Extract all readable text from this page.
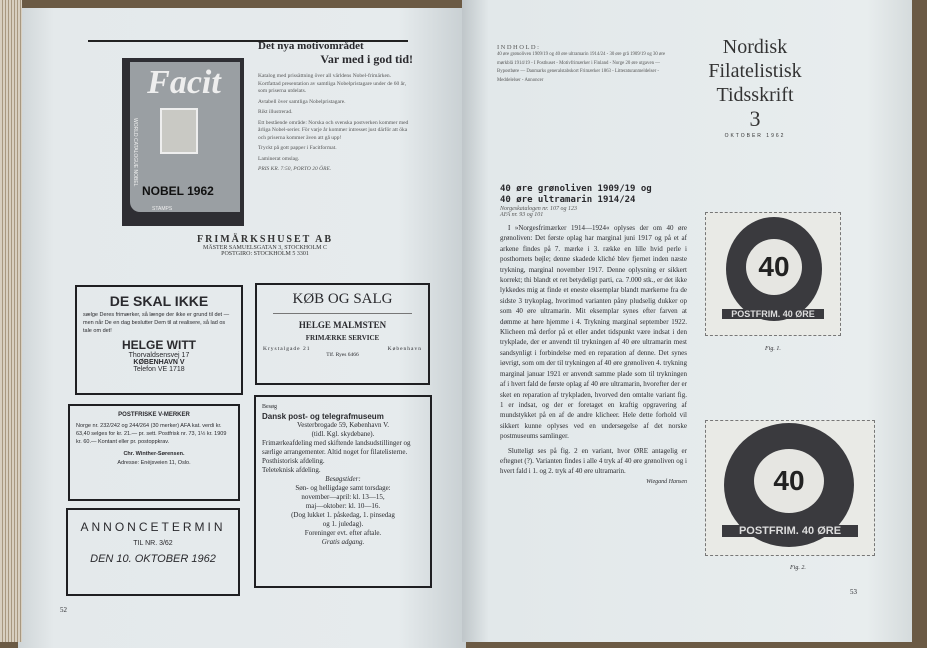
Facit
NOBEL 1962
WORLD CATALOGUE NOBEL
STAMPS
Det nya motivområdet
Var med i god tid!

Katalog med prissättning över all världens Nobel-frimärken. Kortfattad presentation av samtliga Nobelpristagare under de 60 år, som priserna utdelats.

Avtabell över samtliga Nobelpristagare.

Rikt illustrerad.

Ett bestående område: Norska och svenska postverken kommer med årliga Nobel-serier. För varje år kommer intresset just därför att öka och priserna kommer även att gå upp!

Tryckt på gott papper i Facitformat.

Laminerat omslag.

PRIS KR. 7:50, PORTO 20 ÖRE.

FRIMÄRKSHUSET AB
MÄSTER SAMUELSGATAN 3, STOCKHOLM C
POSTGIRO: STOCKHOLM 5 3301
DE SKAL IKKE
sælge Deres frimærker, så længe der ikke er grund til det — men når De en dag beslutter Dem til at realisere, så lad os tale om det!
HELGE WITT
Thorvaldsensvej 17
KØBENHAVN V
Telefon VE 1718
POSTFRISKE V-MERKER
Norge nr. 232/242 og 244/264 (30 merker) AFA kat. verdi kr. 63,40 selges for kr. 21.— pr. sett. Postfrisk nr. 73, 1½ kr. 1909 kr. 60.— Kontant eller pr. postoppkrav.
Chr. Winther-Sørensen.
Adresse: Enèjsveien 11, Oslo.
ANNONCETERMIN
TIL NR. 3/62
DEN 10. OKTOBER 1962
KØB OG SALG
HELGE MALMSTEN
FRIMÆRKE SERVICE
Krystalgade 21	København
Tlf. Ryes 6466
Besøg
Dansk post- og telegrafmuseum
Vesterbrogade 59, København V.
(tidl. Kgl. skydebane).
Frimærkeafdeling med skiftende landsudstillinger og særlige arrangementer. Altid noget for filatelisterne.
Posthistorisk afdeling.
Teleteknisk afdeling.
Besøgstider:
Søn- og helligdage samt torsdage:
november—april: kl. 13—15,
maj—oktober: kl. 10—16.
(Dog lukket 1. påskedag, 1. pinsedag
og 1. juledag).
Foreninger evt. efter aftale.
Gratis adgang.
52
INDHOLD:
40 øre grønoliven 1909/19 og 40 øre ultramarin 1914/24 - 30 øre grå 1909/19 og 30 øre mørkblå 1914/19 - I Posthuset - Motivfrimærker i Finland - Norge 20 øre utgaven — Bypostbøre — Danmarks generalstabskort Frimærker 1863 - Litteraturanmeldelser - Meddelelser - Annoncer
Nordisk
Filatelistisk
Tidsskrift
3
OKTOBER 1962
40 øre grønoliven 1909/19 og
40 øre ultramarin 1914/24
Norgeskatalogen nr. 107 og 123
AFA nr. 93 og 101

I »Norgesfrimærker 1914—1924« oplyses der om 40 øre grønoliven: Det første oplag har marginal juni 1917 og på et af arkene findes på 7. mærke i 3. række en lille hvid perle i posthornets bøjle; denne skadede kliché blev fjernet inden næste trykning, marginal november 1917. Denne oplysning er sikkert korrekt; thi blandt et ret betydeligt parti, ca. 7.000 stk., er det ikke lykkedes mig at finde et eneste eksemplar blandt mærkerne fra de sidste 3 trykoplag, hvorimod varianten påny pludselig dukker op som 40 øre ultramarin. Mit eksemplar synes efter farven at dømme at høre hjemme i 4. Trykning marginal september 1922. Klicheen må derfor på et eller andet tidspunkt være indsat i den trykplade, der er anvendt til trykningen af 40 øre ultramarin mest sandsynligt i forbindelse med en reparation af denne. Det synes iøvrigt, som om der til trykningen af 40 øre grønoliven 4. trykning marginal januar 1921 er anvendt samme plade som til trykningen af i hvert fald de første oplag af 40 øre ultramarin, hvorefter der er sket en reparation af trykpladen, hvorved den omtalte variant fig. 1 er indsat, og der er foretaget en kraftig opgravering af mundstykket på en af de andre klicheer. Hele dette forhold vil sikkert kunne oplyses ved en undersøgelse af det norske postmuseums samlinger.

Slutteligt ses på fig. 2 en variant, hvor ØRE antagelig er eftegnet (?). Varianten findes i alle 4 tryk af 40 øre grønoliven og i hvert fald i 1. og 2. tryk af 40 øre ultramarin.

Wiegand Hansen
40
POSTFRIM. 40 ØRE
Fig. 1.
40
POSTFRIM. 40 ØRE
Fig. 2.
53
